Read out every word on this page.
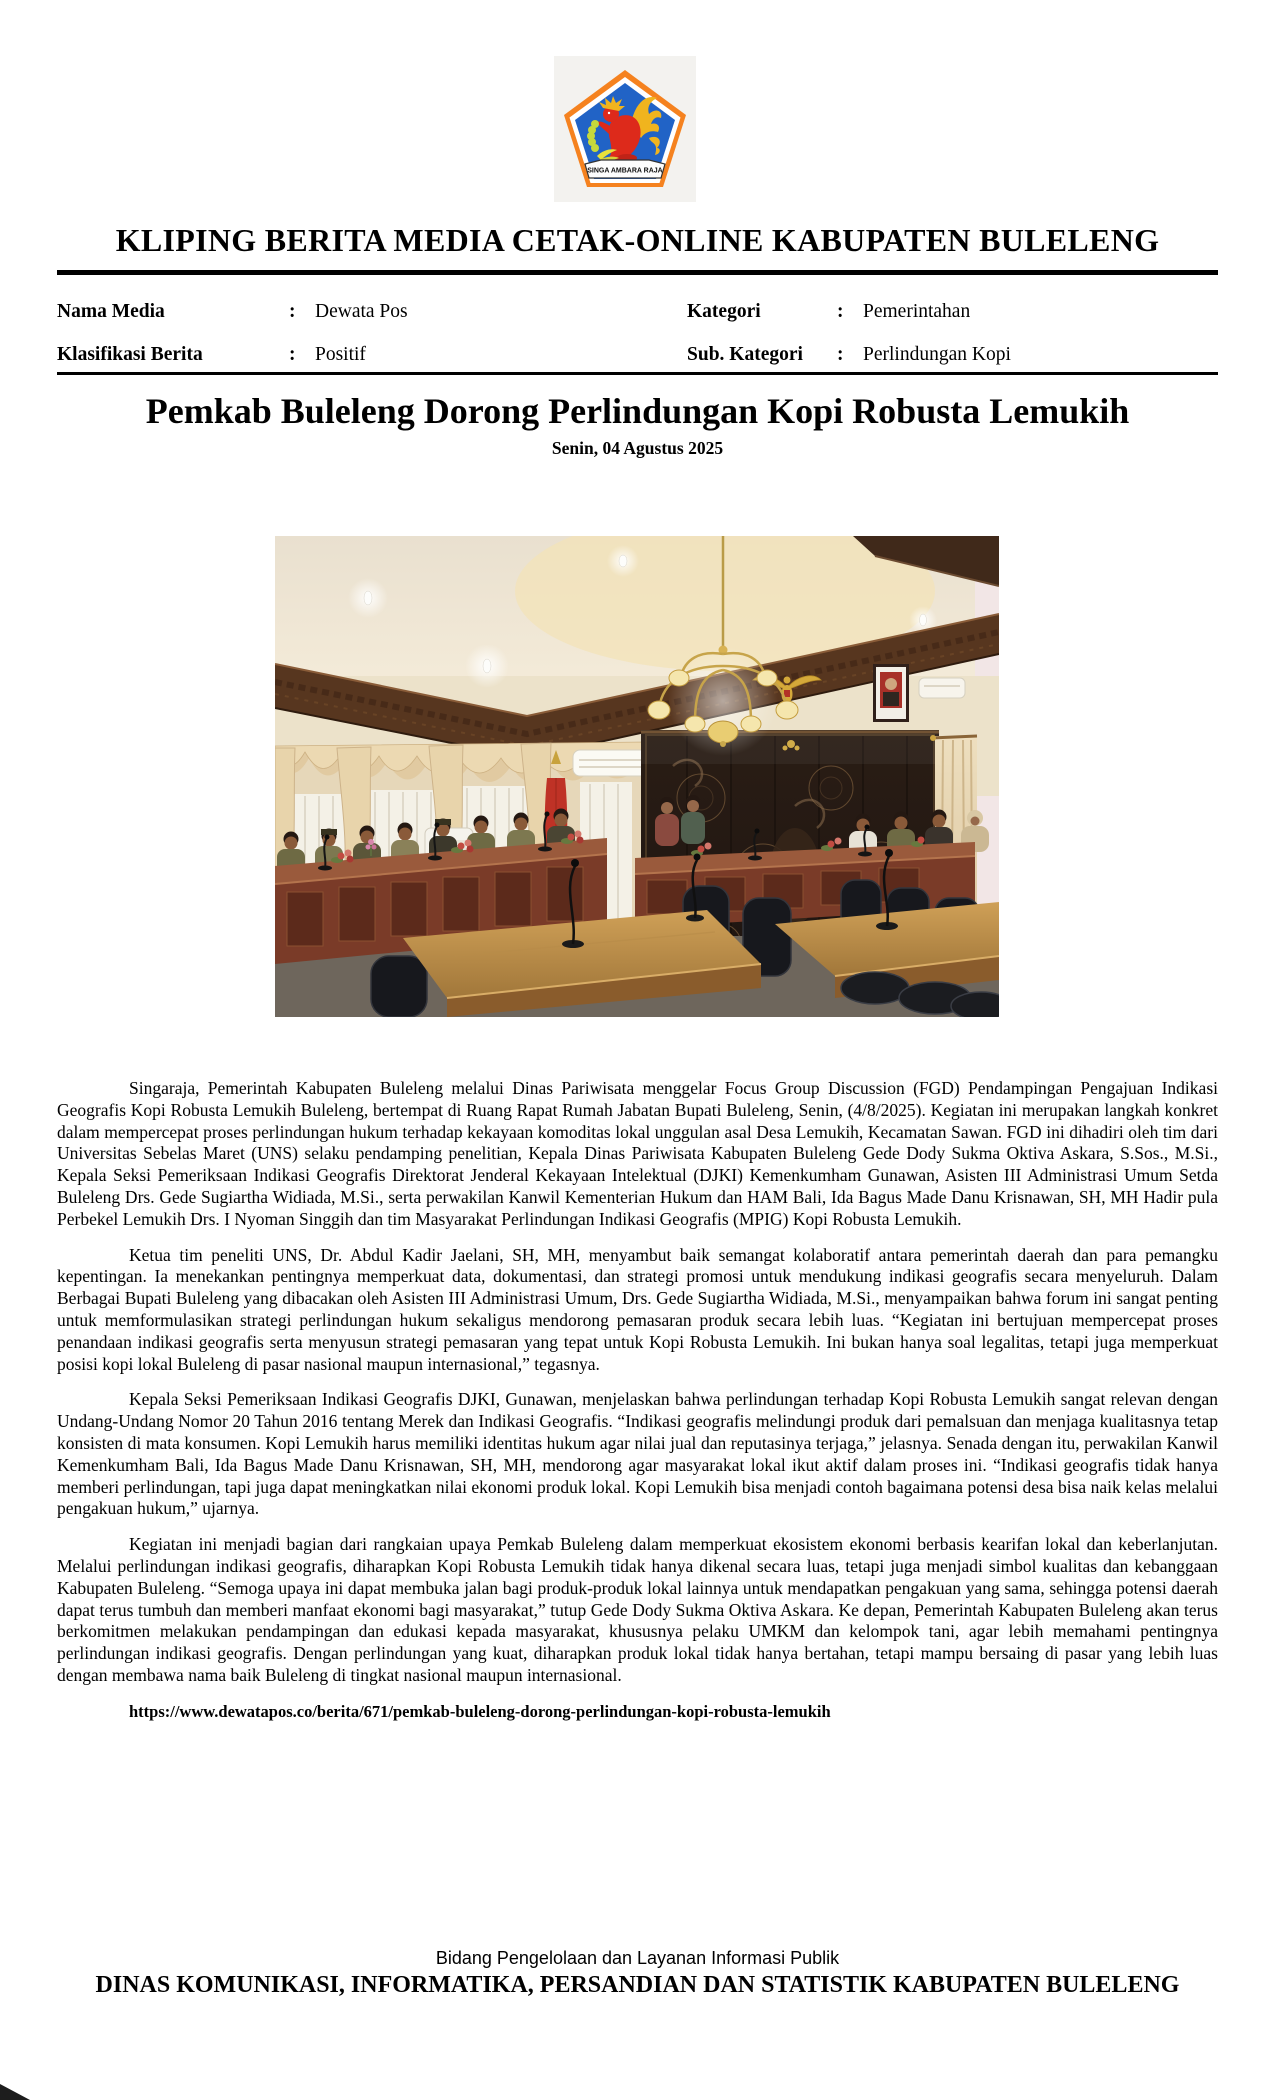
SINGA AMBARA RAJA
KLIPING BERITA MEDIA CETAK-ONLINE KABUPATEN BULELENG
Nama Media	:	Dewata Pos	Kategori	:	Pemerintahan
Klasifikasi Berita	:	Positif	Sub. Kategori	:	Perlindungan Kopi
Pemkab Buleleng Dorong Perlindungan Kopi Robusta Lemukih
Senin, 04 Agustus 2025

Singaraja, Pemerintah Kabupaten Buleleng melalui Dinas Pariwisata menggelar Focus Group Discussion (FGD) Pendampingan Pengajuan Indikasi Geografis Kopi Robusta Lemukih Buleleng, bertempat di Ruang Rapat Rumah Jabatan Bupati Buleleng, Senin, (4/8/2025). Kegiatan ini merupakan langkah konkret dalam mempercepat proses perlindungan hukum terhadap kekayaan komoditas lokal unggulan asal Desa Lemukih, Kecamatan Sawan. FGD ini dihadiri oleh tim dari Universitas Sebelas Maret (UNS) selaku pendamping penelitian, Kepala Dinas Pariwisata Kabupaten Buleleng Gede Dody Sukma Oktiva Askara, S.Sos., M.Si., Kepala Seksi Pemeriksaan Indikasi Geografis Direktorat Jenderal Kekayaan Intelektual (DJKI) Kemenkumham Gunawan, Asisten III Administrasi Umum Setda Buleleng Drs. Gede Sugiartha Widiada, M.Si., serta perwakilan Kanwil Kementerian Hukum dan HAM Bali, Ida Bagus Made Danu Krisnawan, SH, MH Hadir pula Perbekel Lemukih Drs. I Nyoman Singgih dan tim Masyarakat Perlindungan Indikasi Geografis (MPIG) Kopi Robusta Lemukih.

Ketua tim peneliti UNS, Dr. Abdul Kadir Jaelani, SH, MH, menyambut baik semangat kolaboratif antara pemerintah daerah dan para pemangku kepentingan. Ia menekankan pentingnya memperkuat data, dokumentasi, dan strategi promosi untuk mendukung indikasi geografis secara menyeluruh. Dalam Berbagai Bupati Buleleng yang dibacakan oleh Asisten III Administrasi Umum, Drs. Gede Sugiartha Widiada, M.Si., menyampaikan bahwa forum ini sangat penting untuk memformulasikan strategi perlindungan hukum sekaligus mendorong pemasaran produk secara lebih luas. “Kegiatan ini bertujuan mempercepat proses penandaan indikasi geografis serta menyusun strategi pemasaran yang tepat untuk Kopi Robusta Lemukih. Ini bukan hanya soal legalitas, tetapi juga memperkuat posisi kopi lokal Buleleng di pasar nasional maupun internasional,” tegasnya.

Kepala Seksi Pemeriksaan Indikasi Geografis DJKI, Gunawan, menjelaskan bahwa perlindungan terhadap Kopi Robusta Lemukih sangat relevan dengan Undang-Undang Nomor 20 Tahun 2016 tentang Merek dan Indikasi Geografis. “Indikasi geografis melindungi produk dari pemalsuan dan menjaga kualitasnya tetap konsisten di mata konsumen. Kopi Lemukih harus memiliki identitas hukum agar nilai jual dan reputasinya terjaga,” jelasnya. Senada dengan itu, perwakilan Kanwil Kemenkumham Bali, Ida Bagus Made Danu Krisnawan, SH, MH, mendorong agar masyarakat lokal ikut aktif dalam proses ini. “Indikasi geografis tidak hanya memberi perlindungan, tapi juga dapat meningkatkan nilai ekonomi produk lokal. Kopi Lemukih bisa menjadi contoh bagaimana potensi desa bisa naik kelas melalui pengakuan hukum,” ujarnya.

Kegiatan ini menjadi bagian dari rangkaian upaya Pemkab Buleleng dalam memperkuat ekosistem ekonomi berbasis kearifan lokal dan keberlanjutan. Melalui perlindungan indikasi geografis, diharapkan Kopi Robusta Lemukih tidak hanya dikenal secara luas, tetapi juga menjadi simbol kualitas dan kebanggaan Kabupaten Buleleng. “Semoga upaya ini dapat membuka jalan bagi produk-produk lokal lainnya untuk mendapatkan pengakuan yang sama, sehingga potensi daerah dapat terus tumbuh dan memberi manfaat ekonomi bagi masyarakat,” tutup Gede Dody Sukma Oktiva Askara. Ke depan, Pemerintah Kabupaten Buleleng akan terus berkomitmen melakukan pendampingan dan edukasi kepada masyarakat, khususnya pelaku UMKM dan kelompok tani, agar lebih memahami pentingnya perlindungan indikasi geografis. Dengan perlindungan yang kuat, diharapkan produk lokal tidak hanya bertahan, tetapi mampu bersaing di pasar yang lebih luas dengan membawa nama baik Buleleng di tingkat nasional maupun internasional.

https://www.dewatapos.co/berita/671/pemkab-buleleng-dorong-perlindungan-kopi-robusta-lemukih

Bidang Pengelolaan dan Layanan Informasi Publik
DINAS KOMUNIKASI, INFORMATIKA, PERSANDIAN DAN STATISTIK KABUPATEN BULELENG
